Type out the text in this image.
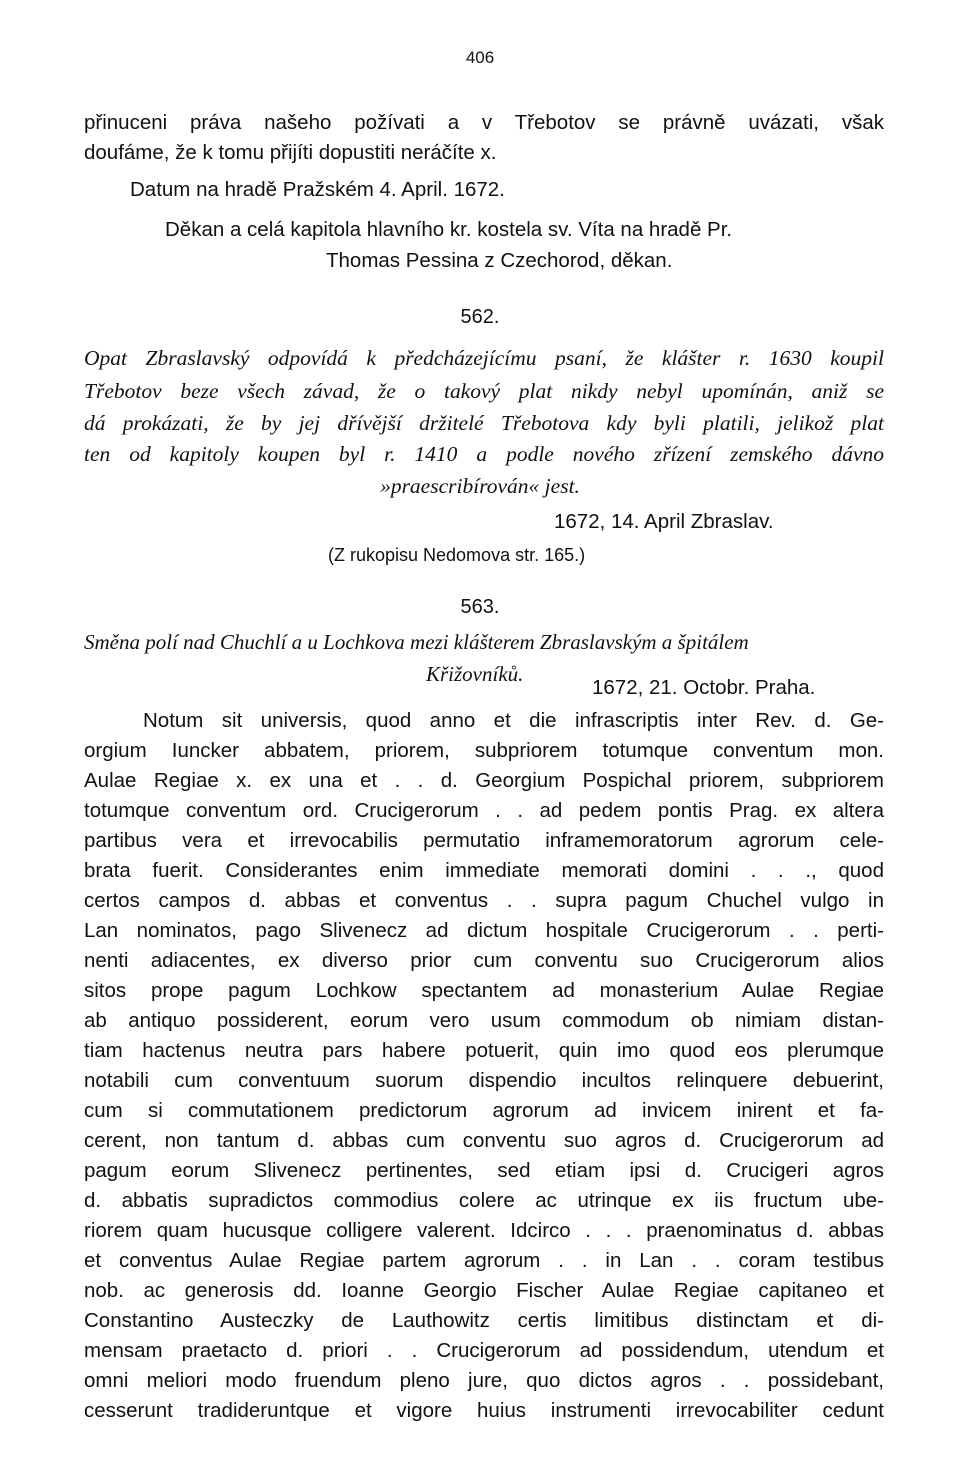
406
přinuceni práva našeho požívati a v Třebotov se právně uvázati, však
doufáme, že k tomu přijíti dopustiti neráčíte x.
Datum na hradě Pražském 4. April. 1672.
Děkan a celá kapitola hlavního kr. kostela sv. Víta na hradě Pr.
Thomas Pessina z Czechorod, děkan.
562.
Opat Zbraslavský odpovídá k předcházejícímu psaní, že klášter r. 1630 koupil
Třebotov beze všech závad, že o takový plat nikdy nebyl upomínán, aniž se
dá prokázati, že by jej dřívější držitelé Třebotova kdy byli platili, jelikož plat
ten od kapitoly koupen byl r. 1410 a podle nového zřízení zemského dávno
»praescribírován« jest.
1672, 14. April Zbraslav.
(Z rukopisu Nedomova str. 165.)
563.
Směna polí nad Chuchlí a u Lochkova mezi klášterem Zbraslavským a špitálem
Křižovníků.
1672, 21. Octobr. Praha.
Notum sit universis, quod anno et die infrascriptis inter Rev. d. Ge-
orgium Iuncker abbatem, priorem, subpriorem totumque conventum mon.
Aulae Regiae x. ex una et . . d. Georgium Pospichal priorem, subpriorem
totumque conventum ord. Crucigerorum . . ad pedem pontis Prag. ex altera
partibus vera et irrevocabilis permutatio inframemoratorum agrorum cele-
brata fuerit. Considerantes enim immediate memorati domini . . ., quod
certos campos d. abbas et conventus . . supra pagum Chuchel vulgo in
Lan nominatos, pago Slivenecz ad dictum hospitale Crucigerorum . . perti-
nenti adiacentes, ex diverso prior cum conventu suo Crucigerorum alios
sitos prope pagum Lochkow spectantem ad monasterium Aulae Regiae
ab antiquo possiderent, eorum vero usum commodum ob nimiam distan-
tiam hactenus neutra pars habere potuerit, quin imo quod eos plerumque
notabili cum conventuum suorum dispendio incultos relinquere debuerint,
cum si commutationem predictorum agrorum ad invicem inirent et fa-
cerent, non tantum d. abbas cum conventu suo agros d. Crucigerorum ad
pagum eorum Slivenecz pertinentes, sed etiam ipsi d. Crucigeri agros
d. abbatis supradictos commodius colere ac utrinque ex iis fructum ube-
riorem quam hucusque colligere valerent. Idcirco . . . praenominatus d. abbas
et conventus Aulae Regiae partem agrorum . . in Lan . . coram testibus
nob. ac generosis dd. Ioanne Georgio Fischer Aulae Regiae capitaneo et
Constantino Austeczky de Lauthowitz certis limitibus distinctam et di-
mensam praetacto d. priori . . Crucigerorum ad possidendum, utendum et
omni meliori modo fruendum pleno jure, quo dictos agros . . possidebant,
cesserunt tradideruntque et vigore huius instrumenti irrevocabiliter cedunt
